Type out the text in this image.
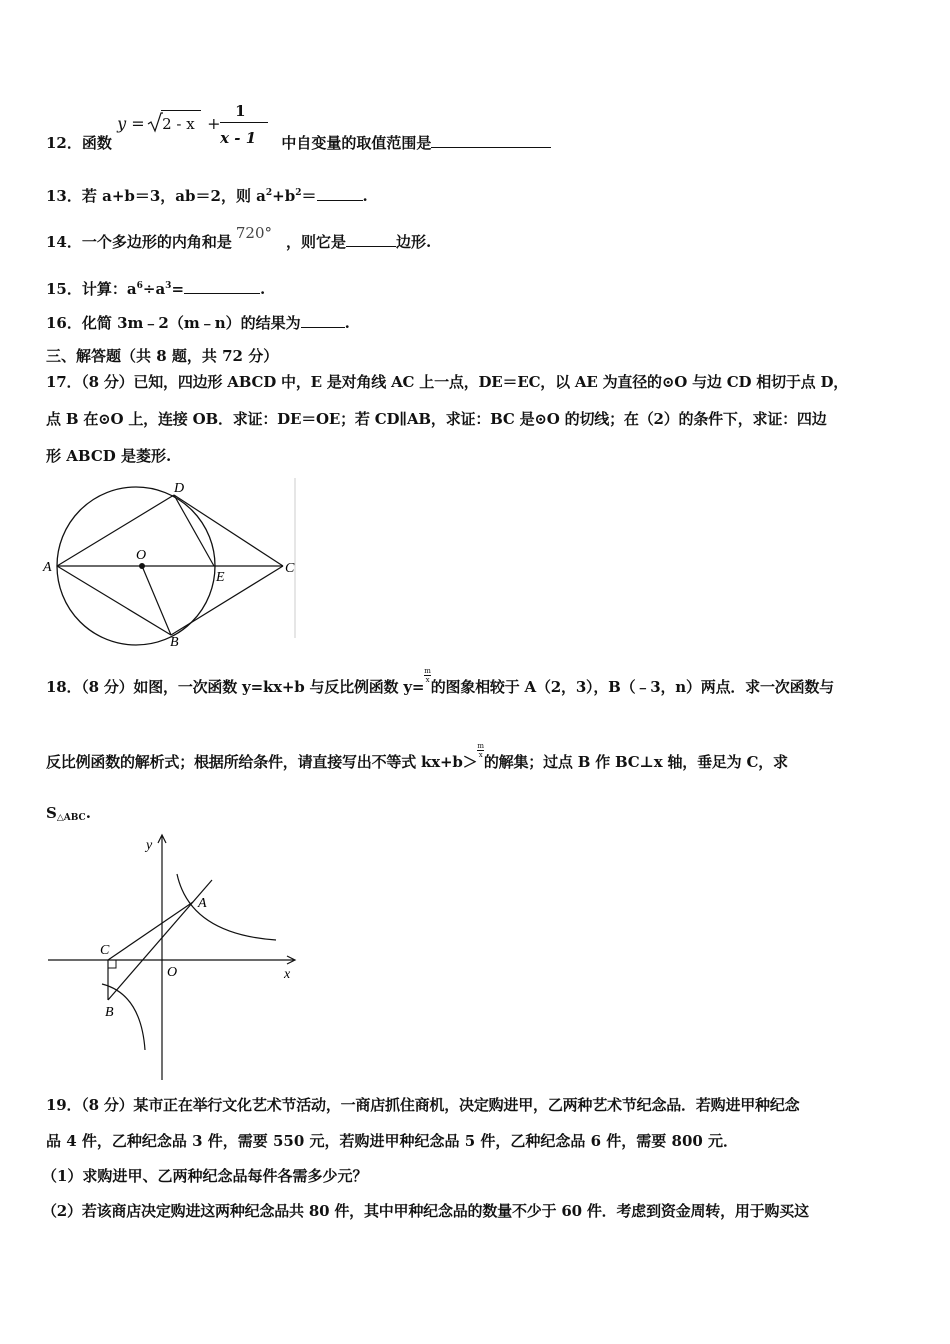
12．函数
y = 2 - x +
1
x - 1 中自变量的取值范围是
13．若 a+b＝3，ab＝2，则 $a^2+b^2=$	.
14．一个多边形的内角和是 720° ，则它是	边形.
15．计算：$a^6\div a^3=$	.
16．化简 3m﹣2（m﹣n）的结果为	.
三、解答题（共 8 题，共 72 分）
17．（8 分）已知，四边形 ABCD 中，E 是对角线 AC 上一点，DE＝EC，以 AE 为直径的⊙O 与边 CD 相切于点 D，
点 B 在⊙O 上，连接 OB．求证：DE＝OE；若 CD∥AB，求证：BC 是⊙O 的切线；在（2）的条件下，求证：四边
形 ABCD 是菱形.
A
D
O
E
C
B
18．（8 分）如图，一次函数 y=kx+b 与反比例函数 y=
$\frac{m}{x}$
的图象相较于 A（2，3），B（﹣3，n）两点．求一次函数与
反比例函数的解析式；根据所给条件，请直接写出不等式 kx+b＞
$\frac{m}{x}$
的解集；过点 B 作 BC⊥x 轴，垂足为 C，求
$S_{\triangle ABC}$.
y
x
O
A
C
B
19．（8 分）某市正在举行文化艺术节活动，一商店抓住商机，决定购进甲，乙两种艺术节纪念品．若购进甲种纪念
品 4 件，乙种纪念品 3 件，需要 550 元，若购进甲种纪念品 5 件，乙种纪念品 6 件，需要 800 元．
（1）求购进甲、乙两种纪念品每件各需多少元？
（2）若该商店决定购进这两种纪念品共 80 件，其中甲种纪念品的数量不少于 60 件．考虑到资金周转，用于购买这
